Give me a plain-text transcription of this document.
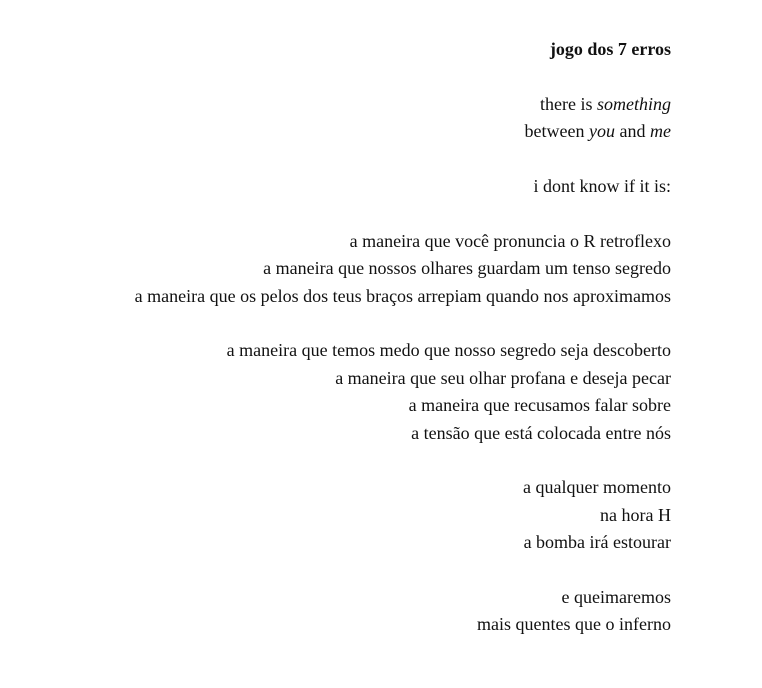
jogo dos 7 erros
there is something
between you and me
i dont know if it is:
a maneira que você pronuncia o R retroflexo
a maneira que nossos olhares guardam um tenso segredo
a maneira que os pelos dos teus braços arrepiam quando nos aproximamos
a maneira que temos medo que nosso segredo seja descoberto
a maneira que seu olhar profana e deseja pecar
a maneira que recusamos falar sobre
a tensão que está colocada entre nós
a qualquer momento
na hora H
a bomba irá estourar
e queimaremos
mais quentes que o inferno
